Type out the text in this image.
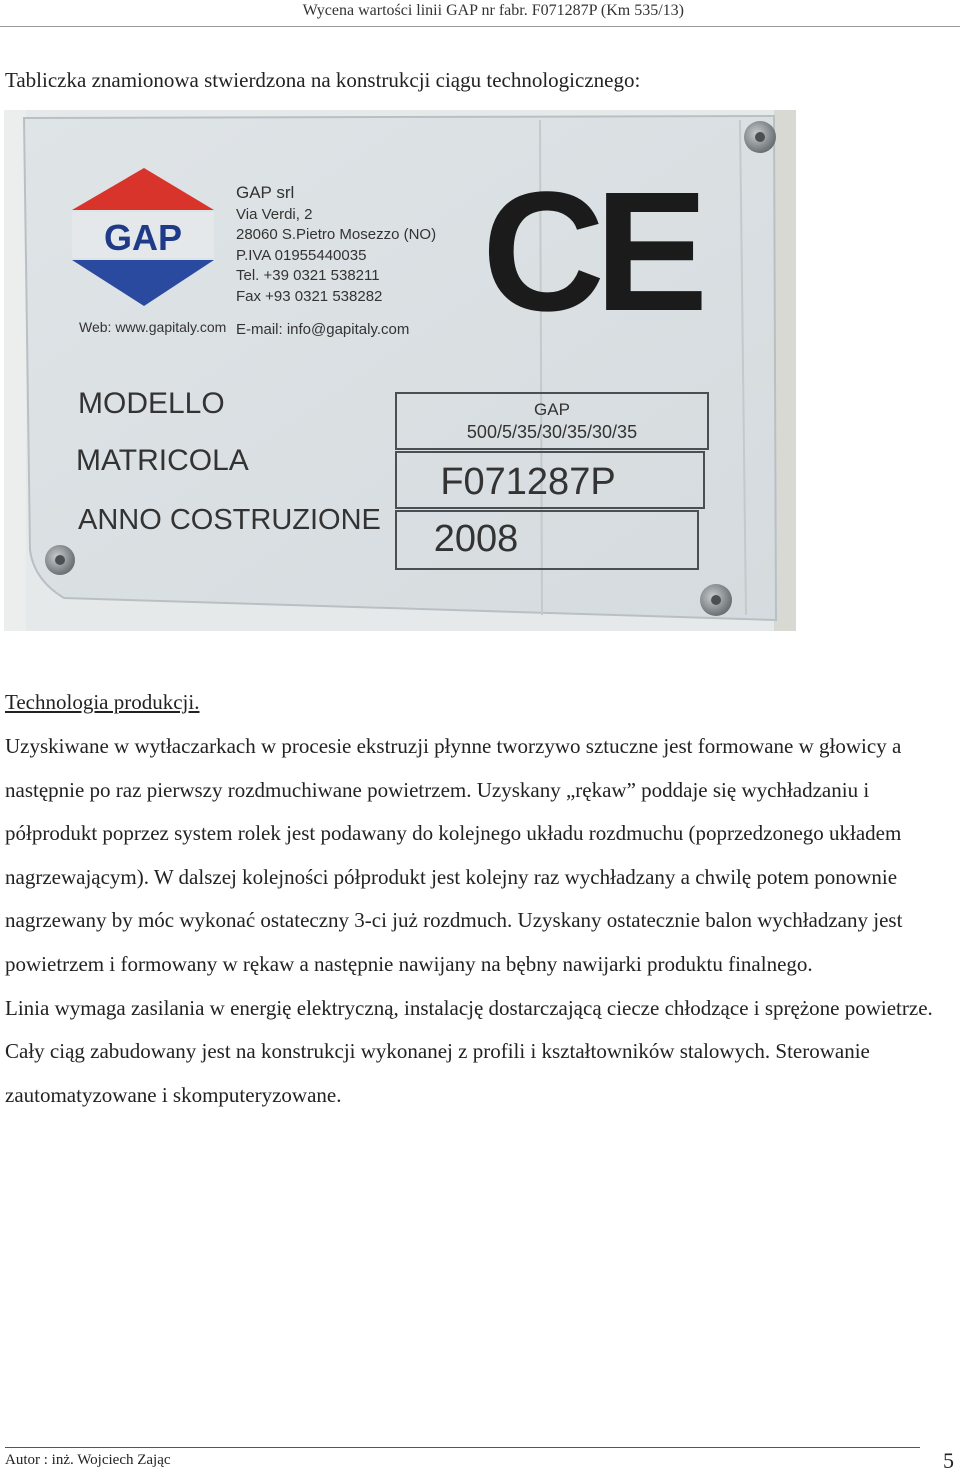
Wycena wartości linii GAP nr fabr. F071287P (Km 535/13)
Tabliczka znamionowa stwierdzona na konstrukcji ciągu technologicznego:
GAP
Web: www.gapitaly.com
GAP srl
Via Verdi, 2
28060 S.Pietro Mosezzo (NO)
P.IVA 01955440035
Tel. +39 0321 538211
Fax +93 0321 538282
E-mail: info@gapitaly.com CE
MODELLO
MATRICOLA
ANNO COSTRUZIONE
GAP
500/5/35/30/35/30/35
F071287P
2008
Technologia produkcji.

Uzyskiwane w wytłaczarkach w procesie ekstruzji płynne tworzywo sztuczne jest formowane w głowicy a następnie po raz pierwszy rozdmuchiwane powietrzem. Uzyskany „rękaw” poddaje się wychładzaniu i półprodukt poprzez system rolek jest podawany do kolejnego układu rozdmuchu (poprzedzonego układem nagrzewającym). W dalszej kolejności półprodukt jest kolejny raz wychładzany a chwilę potem ponownie nagrzewany by móc wykonać ostateczny 3-ci już rozdmuch. Uzyskany ostatecznie balon wychładzany jest powietrzem i formowany w rękaw a następnie nawijany na bębny nawijarki produktu finalnego.

Linia wymaga zasilania w energię elektryczną, instalację dostarczającą ciecze chłodzące i sprężone powietrze. Cały ciąg zabudowany jest na konstrukcji wykonanej z profili i kształtowników stalowych. Sterowanie zautomatyzowane i skomputeryzowane.

Autor : inż. Wojciech Zając	5
